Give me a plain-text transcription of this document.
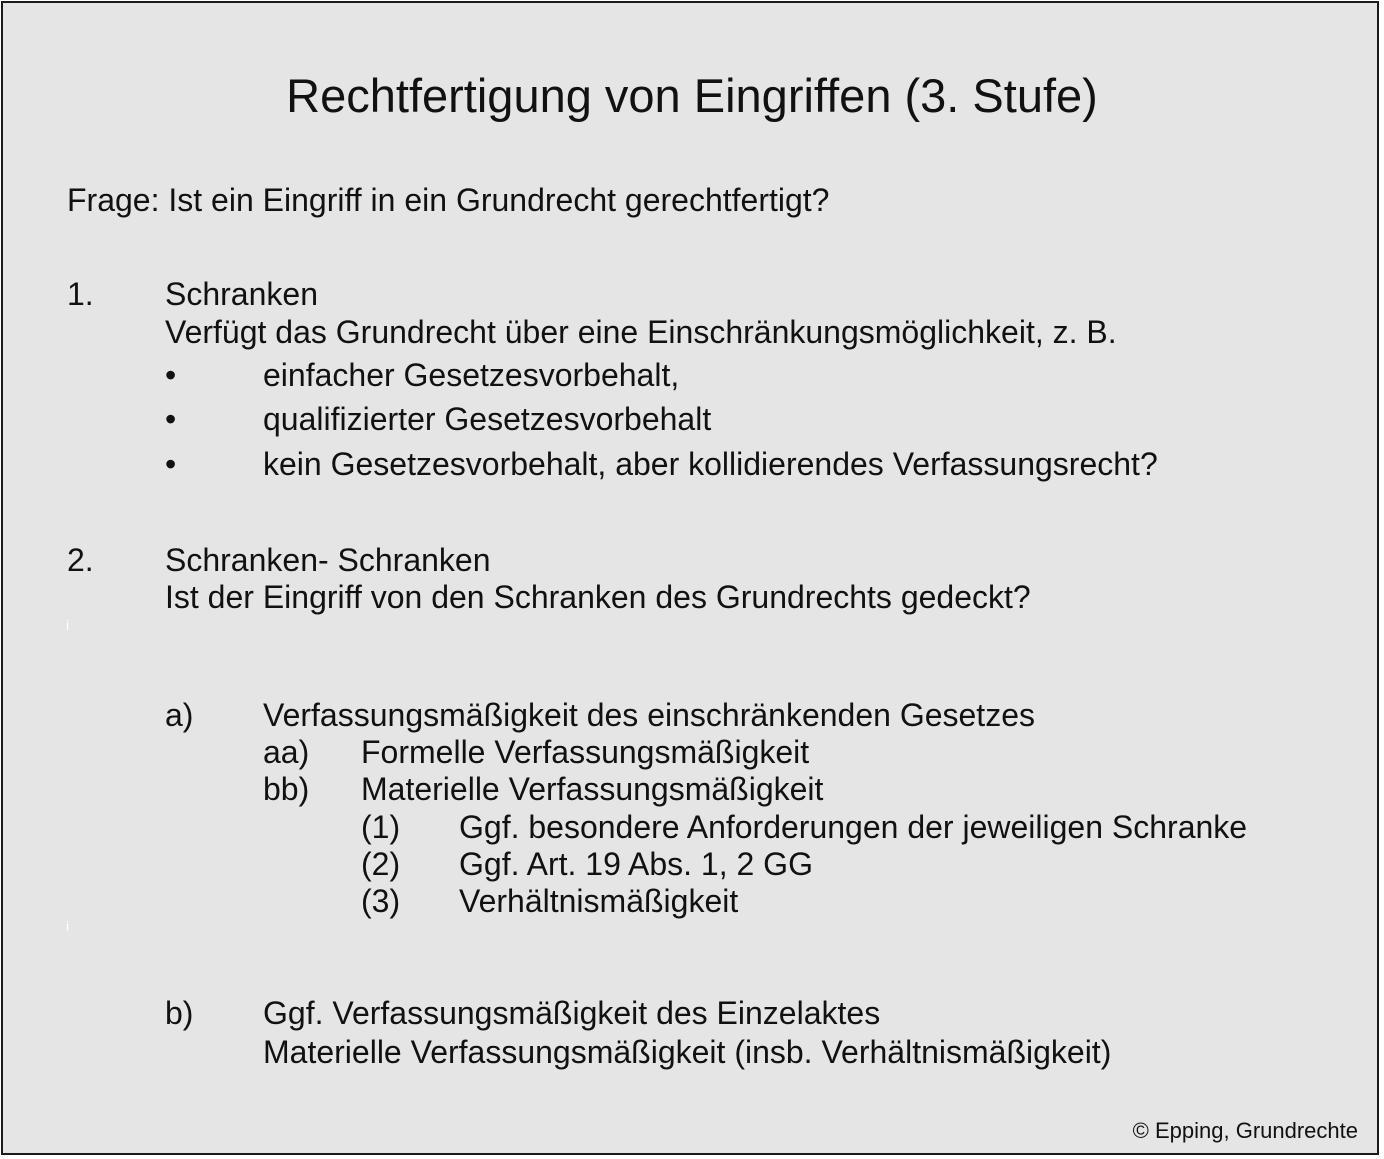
Rechtfertigung von Eingriffen (3. Stufe)
Frage: Ist ein Eingriff in ein Grundrecht gerechtfertigt?
1. Schranken
Verfügt das Grundrecht über eine Einschränkungsmöglichkeit, z. B.
•	einfacher Gesetzesvorbehalt,
•	qualifizierter Gesetzesvorbehalt
•	kein Gesetzesvorbehalt, aber kollidierendes Verfassungsrecht?
2. Schranken- Schranken
Ist der Eingriff von den Schranken des Grundrechts gedeckt?
i
a) Verfassungsmäßigkeit des einschränkenden Gesetzes
aa) Formelle Verfassungsmäßigkeit
bb) Materielle Verfassungsmäßigkeit
(1) Ggf. besondere Anforderungen der jeweiligen Schranke
(2) Ggf. Art. 19 Abs. 1, 2 GG
(3) Verhältnismäßigkeit
i
b) Ggf. Verfassungsmäßigkeit des Einzelaktes
Materielle Verfassungsmäßigkeit (insb. Verhältnismäßigkeit)
© Epping, Grundrechte
